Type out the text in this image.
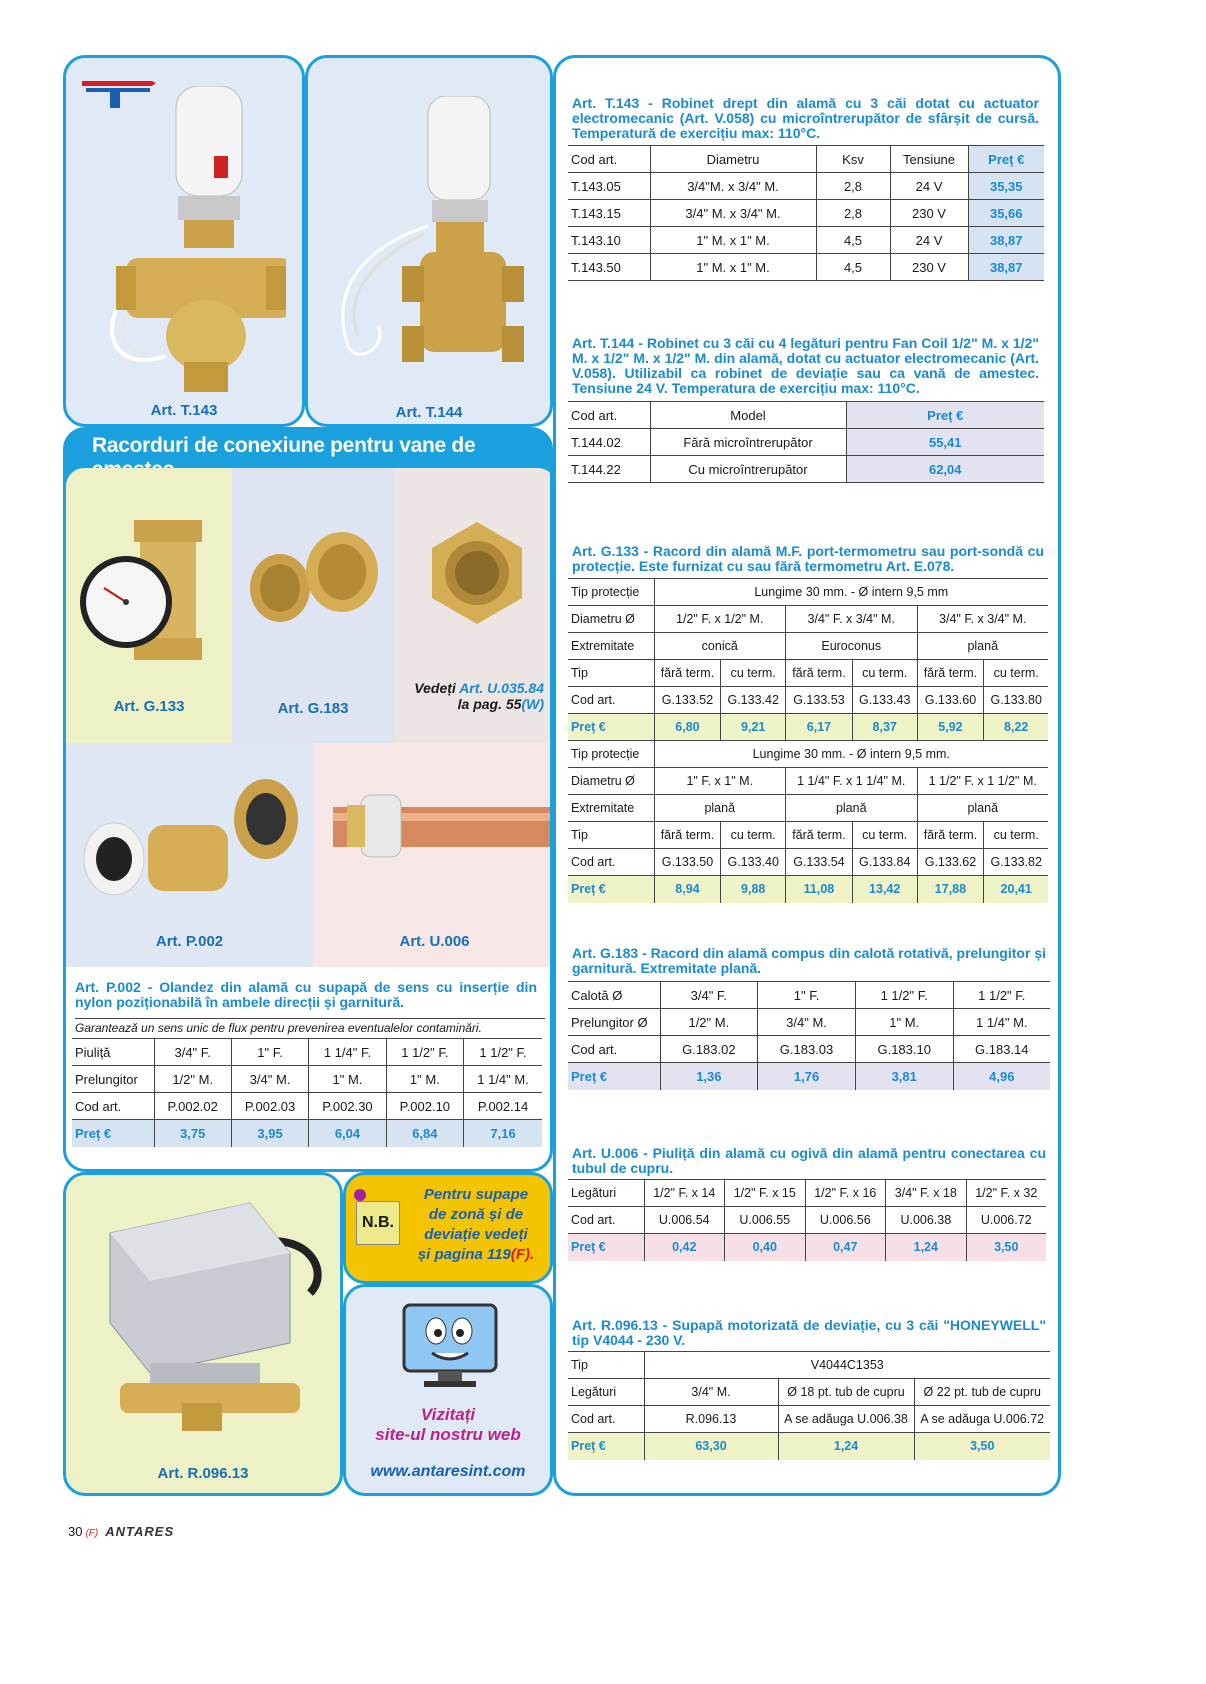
Art. T.143	Art. T.144
Racorduri de conexiune pentru vane de
Art. G.133	Art. G.183
Vedeți Art. U.035.84
la pag. 55(W)
Art. P.002	Art. U.006
Art. P.002 - Olandez din alamă cu supapă de sens cu inserție din nylon poziționabilă în ambele direcții și garnitură.
Garantează un sens unic de flux pentru prevenirea eventualelor contaminări.
Piuliță	3/4" F.	1" F.	1 1/4" F.	1 1/2" F.	1 1/2" F.
Prelungitor	1/2" M.	3/4" M.	1" M.	1" M.	1 1/4" M.
Cod art.	P.002.02	P.002.03	P.002.30	P.002.10	P.002.14
Preț €	3,75	3,95	6,04	6,84	7,16
Art. R.096.13
N.B.
Pentru supape
de zonă și de
deviație vedeți
și pagina 119(F).
Vizitați
site-ul nostru web
www.antaresint.com
30 (F) ANTARES
Art. T.143 - Robinet drept din alamă cu 3 căi dotat cu actuator electromecanic (Art. V.058) cu microîntrerupător de sfârșit de cursă. Temperatură de exercițiu max: 110°C.
Cod art.	Diametru	Ksv	Tensiune	Preț €
T.143.05	3/4"M. x 3/4" M.	2,8	24 V	35,35
T.143.15	3/4" M. x 3/4" M.	2,8	230 V	35,66
T.143.10	1" M. x 1" M.	4,5	24 V	38,87
T.143.50	1" M. x 1" M.	4,5	230 V	38,87
Art. T.144 - Robinet cu 3 căi cu 4 legături pentru Fan Coil 1/2" M. x 1/2" M. x 1/2" M. x 1/2" M. din alamă, dotat cu actuator electromecanic (Art. V.058). Utilizabil ca robinet de deviație sau ca vană de amestec. Tensiune 24 V. Temperatura de exercițiu max: 110°C.
Cod art.	Model	Preț €
T.144.02	Fără microîntrerupător	55,41
T.144.22	Cu microîntrerupător	62,04
Art. G.133 - Racord din alamă M.F. port-termometru sau port-sondă cu protecție. Este furnizat cu sau fără termometru Art. E.078.
Tip protecție	Lungime 30 mm. - Ø intern 9,5 mm					
Diametru Ø	1/2" F. x 1/2" M.		3/4" F. x 3/4" M.		3/4" F. x 3/4" M.	
Extremitate	conică		Euroconus		plană	
Tip	fără term.	cu term.	fără term.	cu term.	fără term.	cu term.
Cod art.	G.133.52	G.133.42	G.133.53	G.133.43	G.133.60	G.133.80
Preț €	6,80	9,21	6,17	8,37	5,92	8,22
Tip protecție	Lungime 30 mm. - Ø intern 9,5 mm.					
Diametru Ø	1" F. x 1" M.		1 1/4" F. x 1 1/4" M.		1 1/2" F. x 1 1/2" M.	
Extremitate	plană		plană		plană	
Tip	fără term.	cu term.	fără term.	cu term.	fără term.	cu term.
Cod art.	G.133.50	G.133.40	G.133.54	G.133.84	G.133.62	G.133.82
Preț €	8,94	9,88	11,08	13,42	17,88	20,41
Art. G.183 - Racord din alamă compus din calotă rotativă, prelungitor și garnitură. Extremitate plană.
Calotă Ø	3/4" F.	1" F.	1 1/2" F.	1 1/2" F.
Prelungitor Ø	1/2" M.	3/4" M.	1" M.	1 1/4" M.
Cod art.	G.183.02	G.183.03	G.183.10	G.183.14
Preț €	1,36	1,76	3,81	4,96
Art. U.006 - Piuliță din alamă cu ogivă din alamă pentru conectarea cu tubul de cupru.
Legături	1/2" F. x 14	1/2" F. x 15	1/2" F. x 16	3/4" F. x 18	1/2" F. x 32
Cod art.	U.006.54	U.006.55	U.006.56	U.006.38	U.006.72
Preț €	0,42	0,40	0,47	1,24	3,50
Art. R.096.13 - Supapă motorizată de deviație, cu 3 căi "HONEYWELL" tip V4044 - 230 V.
Tip	V4044C1353		
Legături	3/4" M.	Ø 18 pt. tub de cupru	Ø 22 pt. tub de cupru
Cod art.	R.096.13	A se adăuga U.006.38	A se adăuga U.006.72
Preț €	63,30	1,24	3,50
